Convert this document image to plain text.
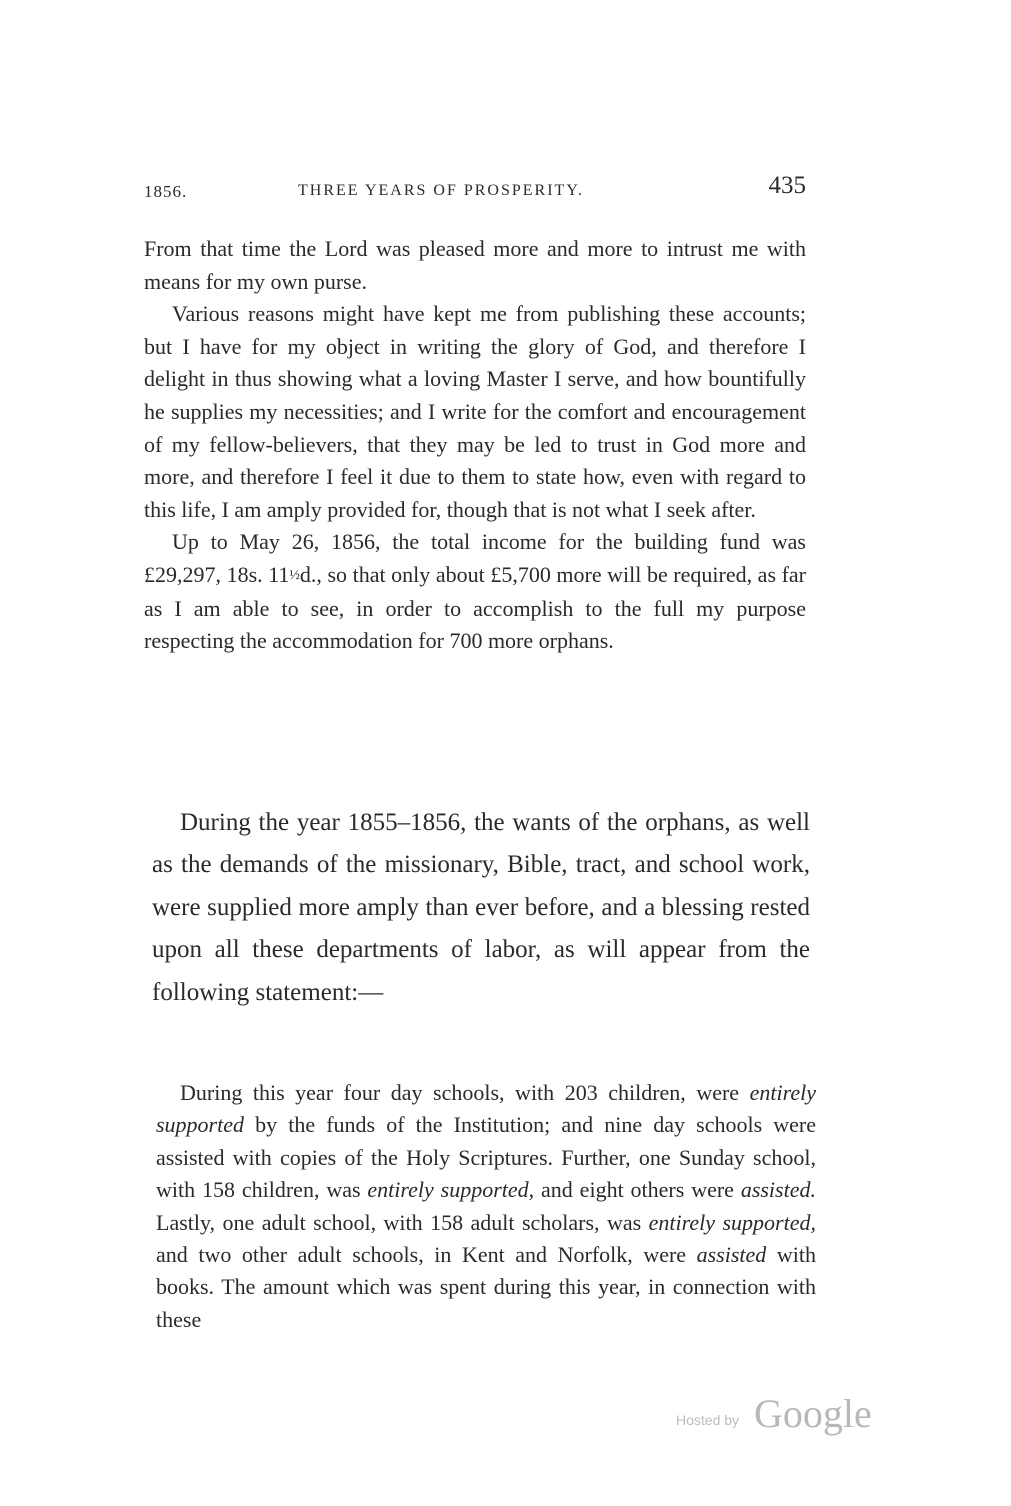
1856.	THREE YEARS OF PROSPERITY.	435

From that time the Lord was pleased more and more to intrust me with means for my own purse.

Various reasons might have kept me from publishing these accounts; but I have for my object in writing the glory of God, and therefore I delight in thus showing what a loving Master I serve, and how bountifully he supplies my necessities; and I write for the comfort and encouragement of my fellow-believers, that they may be led to trust in God more and more, and therefore I feel it due to them to state how, even with regard to this life, I am amply provided for, though that is not what I seek after.

Up to May 26, 1856, the total income for the building fund was £29,297, 18s. 11½d., so that only about £5,700 more will be required, as far as I am able to see, in order to accomplish to the full my purpose respecting the accommodation for 700 more orphans.

During the year 1855–1856, the wants of the orphans, as well as the demands of the missionary, Bible, tract, and school work, were supplied more amply than ever before, and a blessing rested upon all these departments of labor, as will appear from the following statement:—

During this year four day schools, with 203 children, were entirely supported by the funds of the Institution; and nine day schools were assisted with copies of the Holy Scriptures. Further, one Sunday school, with 158 children, was entirely supported, and eight others were assisted. Lastly, one adult school, with 158 adult scholars, was entirely supported, and two other adult schools, in Kent and Norfolk, were assisted with books. The amount which was spent during this year, in connection with these

Hosted by Google
